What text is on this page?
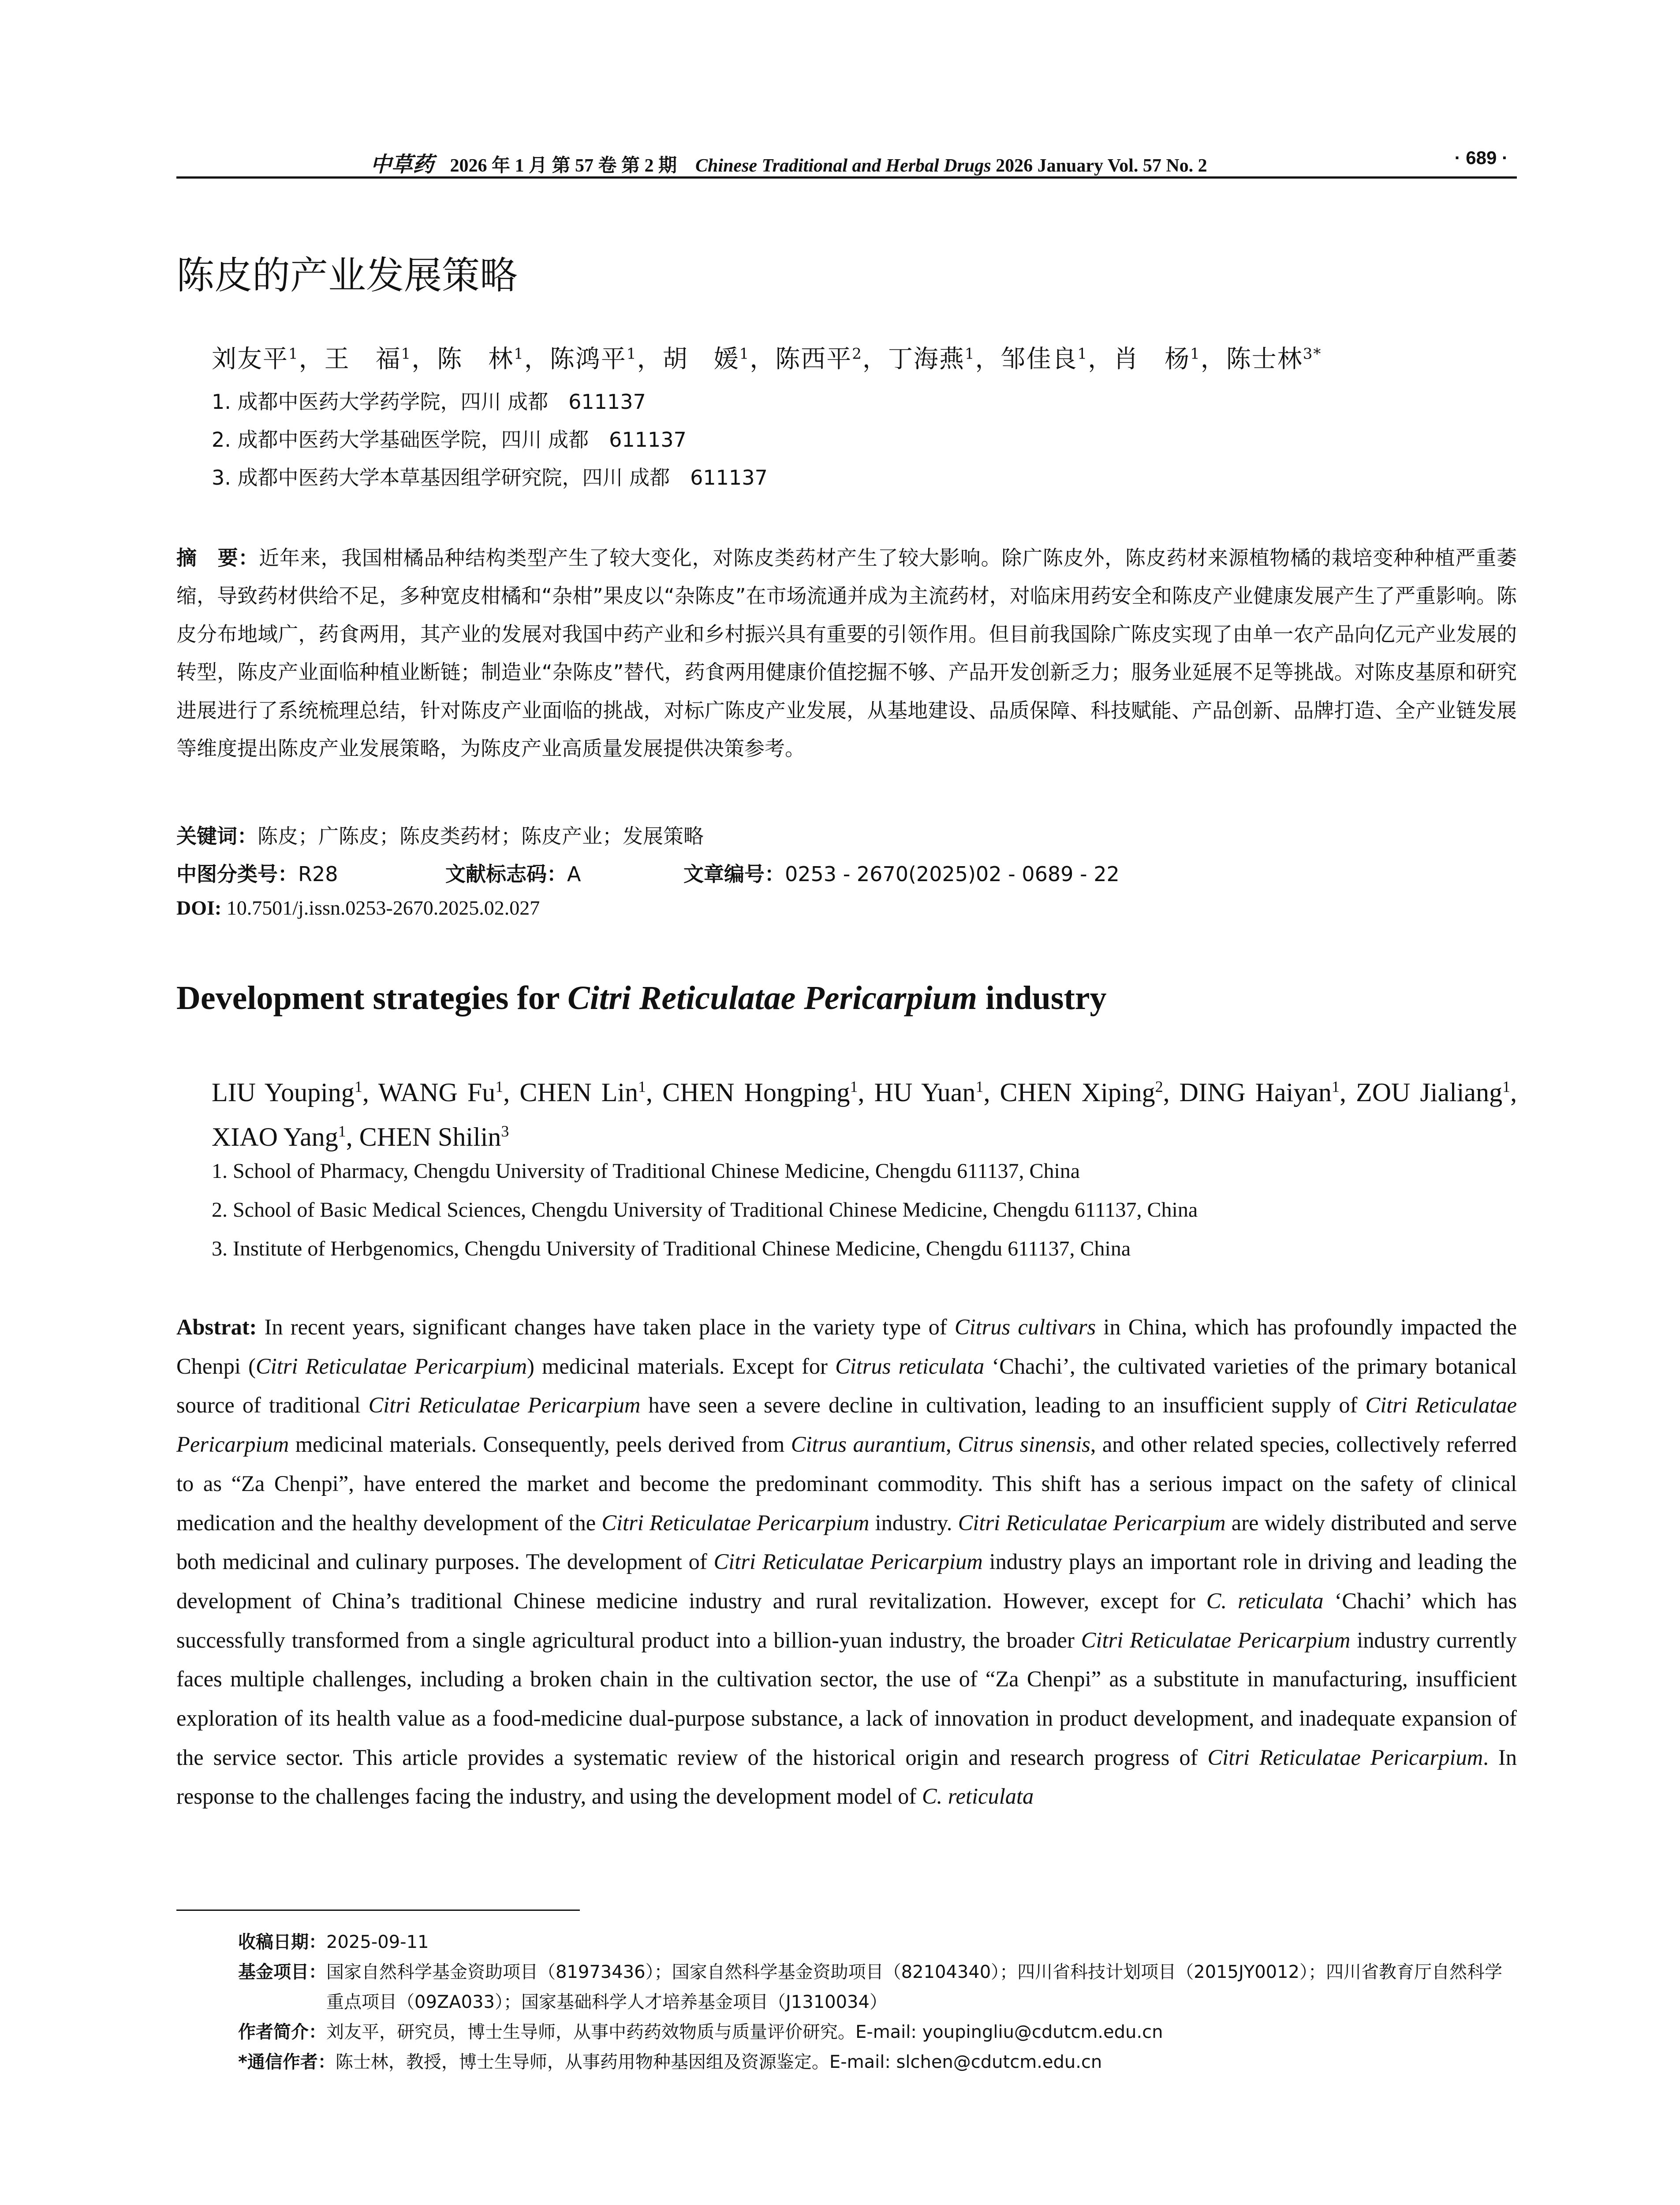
中草药 2026 年 1 月 第 57 卷 第 2 期 Chinese Traditional and Herbal Drugs 2026 January Vol. 57 No. 2	· 689 ·
陈皮的产业发展策略
刘友平$^1$，王　福$^1$，陈　林$^1$，陈鸿平$^1$，胡　媛$^1$，陈西平$^2$，丁海燕$^1$，邹佳良$^1$，肖　杨$^1$，陈士林$^{3*}$
1. 成都中医药大学药学院，四川 成都　611137
2. 成都中医药大学基础医学院，四川 成都　611137
3. 成都中医药大学本草基因组学研究院，四川 成都　611137
摘　要：近年来，我国柑橘品种结构类型产生了较大变化，对陈皮类药材产生了较大影响。除广陈皮外，陈皮药材来源植物橘的栽培变种种植严重萎缩，导致药材供给不足，多种宽皮柑橘和“杂柑”果皮以“杂陈皮”在市场流通并成为主流药材，对临床用药安全和陈皮产业健康发展产生了严重影响。陈皮分布地域广，药食两用，其产业的发展对我国中药产业和乡村振兴具有重要的引领作用。但目前我国除广陈皮实现了由单一农产品向亿元产业发展的转型，陈皮产业面临种植业断链；制造业“杂陈皮”替代，药食两用健康价值挖掘不够、产品开发创新乏力；服务业延展不足等挑战。对陈皮基原和研究进展进行了系统梳理总结，针对陈皮产业面临的挑战，对标广陈皮产业发展，从基地建设、品质保障、科技赋能、产品创新、品牌打造、全产业链发展等维度提出陈皮产业发展策略，为陈皮产业高质量发展提供决策参考。
关键词：陈皮；广陈皮；陈皮类药材；陈皮产业；发展策略
中图分类号：R28	文献标志码：A	文章编号：0253 - 2670(2025)02 - 0689 - 22
DOI: 10.7501/j.issn.0253-2670.2025.02.027
Development strategies for Citri Reticulatae Pericarpium industry
LIU Youping$^1$, WANG Fu$^1$, CHEN Lin$^1$, CHEN Hongping$^1$, HU Yuan$^1$, CHEN Xiping$^2$, DING Haiyan$^1$, ZOU Jialiang$^1$, XIAO Yang$^1$, CHEN Shilin$^3$
1. School of Pharmacy, Chengdu University of Traditional Chinese Medicine, Chengdu 611137, China
2. School of Basic Medical Sciences, Chengdu University of Traditional Chinese Medicine, Chengdu 611137, China
3. Institute of Herbgenomics, Chengdu University of Traditional Chinese Medicine, Chengdu 611137, China
Abstrat: In recent years, significant changes have taken place in the variety type of Citrus cultivars in China, which has profoundly impacted the Chenpi (Citri Reticulatae Pericarpium) medicinal materials. Except for Citrus reticulata ‘Chachi’, the cultivated varieties of the primary botanical source of traditional Citri Reticulatae Pericarpium have seen a severe decline in cultivation, leading to an insufficient supply of Citri Reticulatae Pericarpium medicinal materials. Consequently, peels derived from Citrus aurantium, Citrus sinensis, and other related species, collectively referred to as “Za Chenpi”, have entered the market and become the predominant commodity. This shift has a serious impact on the safety of clinical medication and the healthy development of the Citri Reticulatae Pericarpium industry. Citri Reticulatae Pericarpium are widely distributed and serve both medicinal and culinary purposes. The development of Citri Reticulatae Pericarpium industry plays an important role in driving and leading the development of China’s traditional Chinese medicine industry and rural revitalization. However, except for C. reticulata ‘Chachi’ which has successfully transformed from a single agricultural product into a billion-yuan industry, the broader Citri Reticulatae Pericarpium industry currently faces multiple challenges, including a broken chain in the cultivation sector, the use of “Za Chenpi” as a substitute in manufacturing, insufficient exploration of its health value as a food-medicine dual-purpose substance, a lack of innovation in product development, and inadequate expansion of the service sector. This article provides a systematic review of the historical origin and research progress of Citri Reticulatae Pericarpium. In response to the challenges facing the industry, and using the development model of C. reticulata
收稿日期： 2025-09-11
基金项目： 国家自然科学基金资助项目（81973436）；国家自然科学基金资助项目（82104340）；四川省科技计划项目（2015JY0012）；四川省教育厅自然科学重点项目（09ZA033）；国家基础科学人才培养基金项目（J1310034）
作者简介： 刘友平，研究员，博士生导师，从事中药药效物质与质量评价研究。E-mail: youpingliu@cdutcm.edu.cn
*通信作者： 陈士林，教授，博士生导师，从事药用物种基因组及资源鉴定。E-mail: slchen@cdutcm.edu.cn
